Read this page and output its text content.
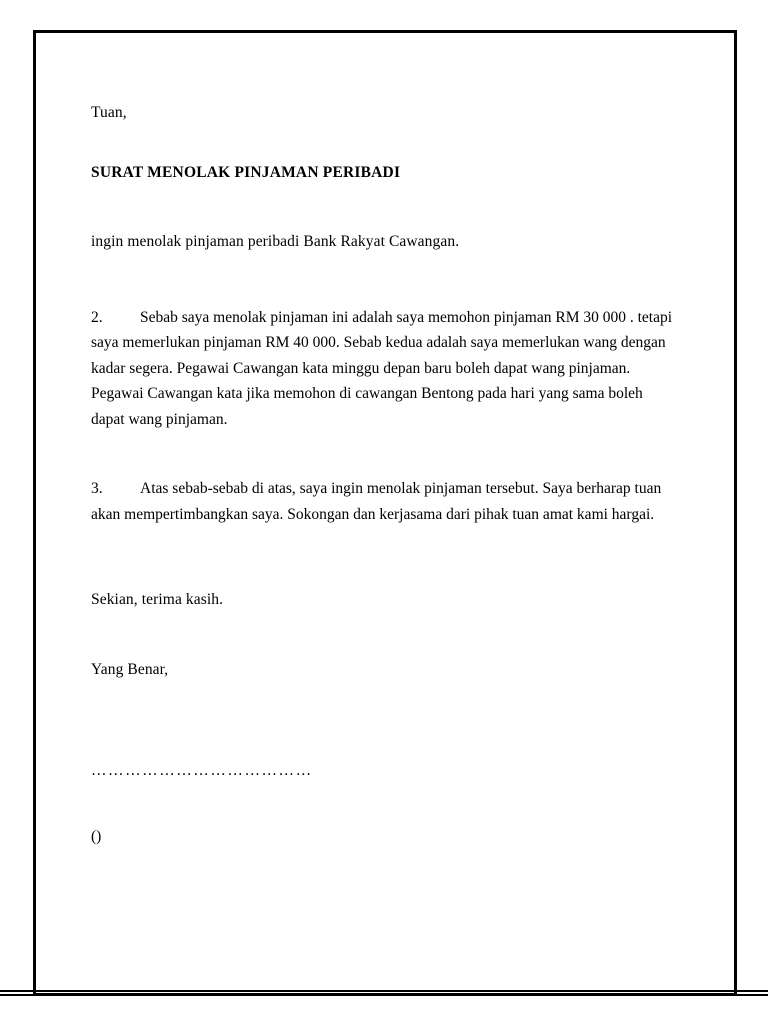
Tuan,

SURAT MENOLAK PINJAMAN PERIBADI

ingin menolak pinjaman peribadi Bank Rakyat Cawangan.

2. Sebab saya menolak pinjaman ini adalah saya memohon pinjaman RM 30 000 . tetapi saya memerlukan pinjaman RM 40 000. Sebab kedua adalah saya memerlukan wang dengan kadar segera. Pegawai Cawangan kata minggu depan baru boleh dapat wang pinjaman. Pegawai Cawangan kata jika memohon di cawangan Bentong pada hari yang sama boleh dapat wang pinjaman.

3. Atas sebab-sebab di atas, saya ingin menolak pinjaman tersebut. Saya berharap tuan akan mempertimbangkan saya. Sokongan dan kerjasama dari pihak tuan amat kami hargai.

Sekian, terima kasih.

Yang Benar,

…………………………………

()
